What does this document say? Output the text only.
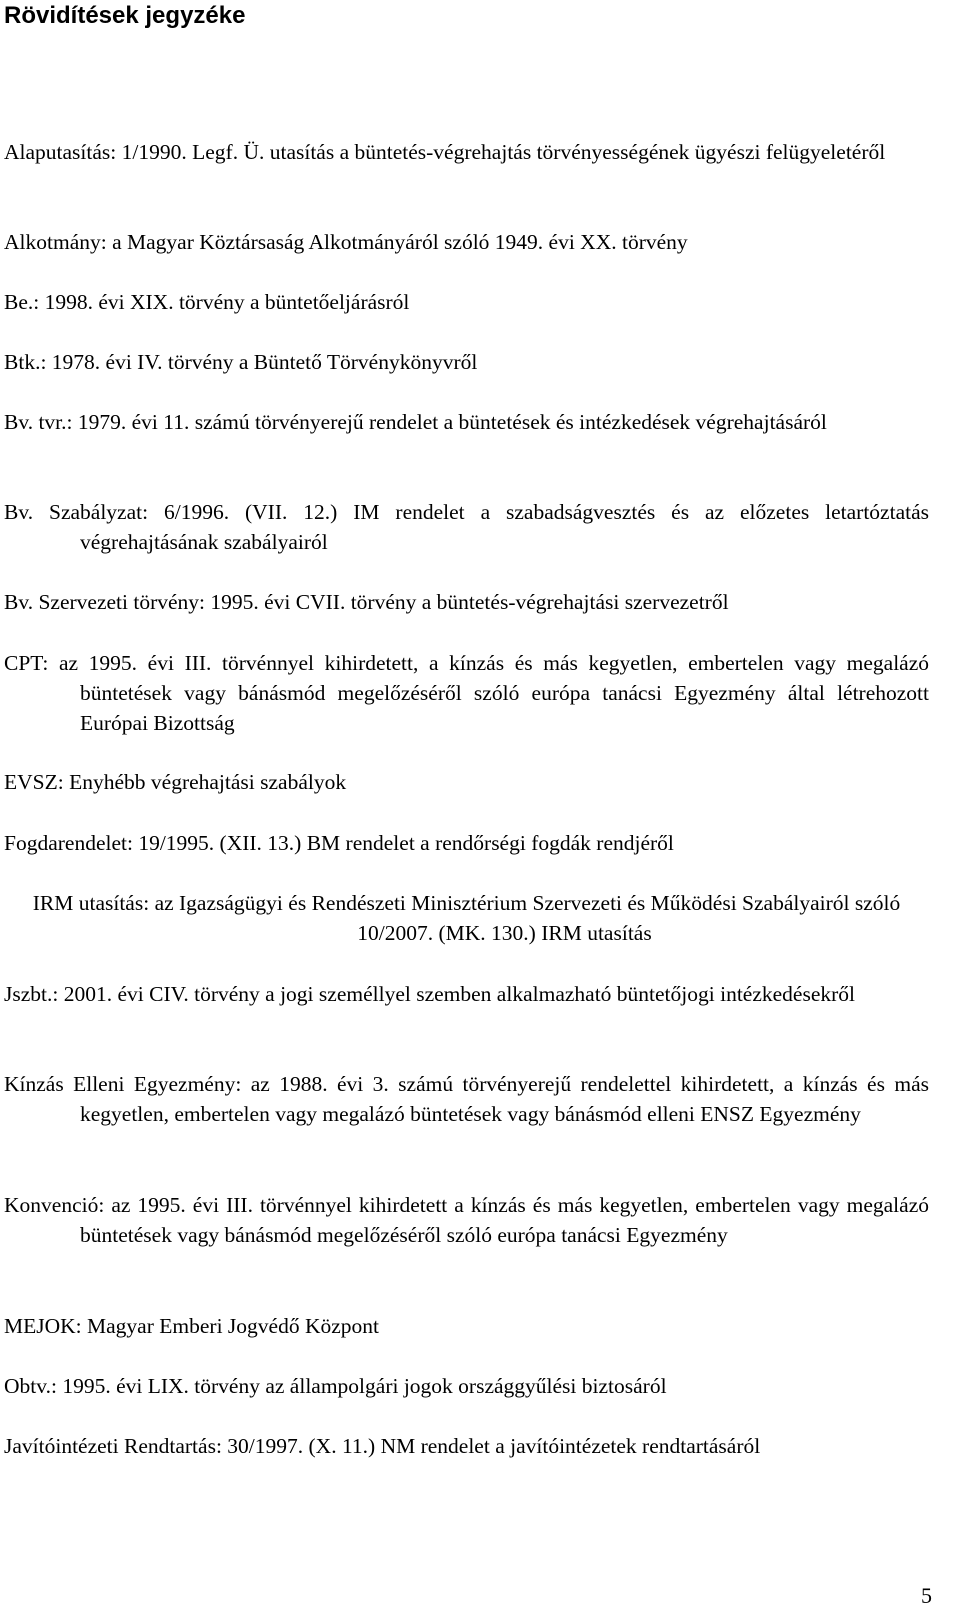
Rövidítések jegyzéke

Alaputasítás: 1/1990. Legf. Ü. utasítás a büntetés-végrehajtás törvényességének ügyészi felügyeletéről

Alkotmány: a Magyar Köztársaság Alkotmányáról szóló 1949. évi XX. törvény

Be.: 1998. évi XIX. törvény a büntetőeljárásról

Btk.: 1978. évi IV. törvény a Büntető Törvénykönyvről

Bv. tvr.: 1979. évi 11. számú törvényerejű rendelet a büntetések és intézkedések végrehajtásáról

Bv. Szabályzat: 6/1996. (VII. 12.) IM rendelet a szabadságvesztés és az előzetes letartóztatás végrehajtásának szabályairól

Bv. Szervezeti törvény: 1995. évi CVII. törvény a büntetés-végrehajtási szervezetről

CPT: az 1995. évi III. törvénnyel kihirdetett, a kínzás és más kegyetlen, embertelen vagy megalázó büntetések vagy bánásmód megelőzéséről szóló európa tanácsi Egyezmény által létrehozott Európai Bizottság

EVSZ: Enyhébb végrehajtási szabályok

Fogdarendelet: 19/1995. (XII. 13.) BM rendelet a rendőrségi fogdák rendjéről

IRM utasítás: az Igazságügyi és Rendészeti Minisztérium Szervezeti és Működési Szabályairól szóló 10/2007. (MK. 130.) IRM utasítás

Jszbt.: 2001. évi CIV. törvény a jogi személlyel szemben alkalmazható büntetőjogi intézkedésekről

Kínzás Elleni Egyezmény: az 1988. évi 3. számú törvényerejű rendelettel kihirdetett, a kínzás és más kegyetlen, embertelen vagy megalázó büntetések vagy bánásmód elleni ENSZ Egyezmény

Konvenció: az 1995. évi III. törvénnyel kihirdetett a kínzás és más kegyetlen, embertelen vagy megalázó büntetések vagy bánásmód megelőzéséről szóló európa tanácsi Egyezmény

MEJOK: Magyar Emberi Jogvédő Központ

Obtv.: 1995. évi LIX. törvény az állampolgári jogok országgyűlési biztosáról

Javítóintézeti Rendtartás: 30/1997. (X. 11.) NM rendelet a javítóintézetek rendtartásáról

5
